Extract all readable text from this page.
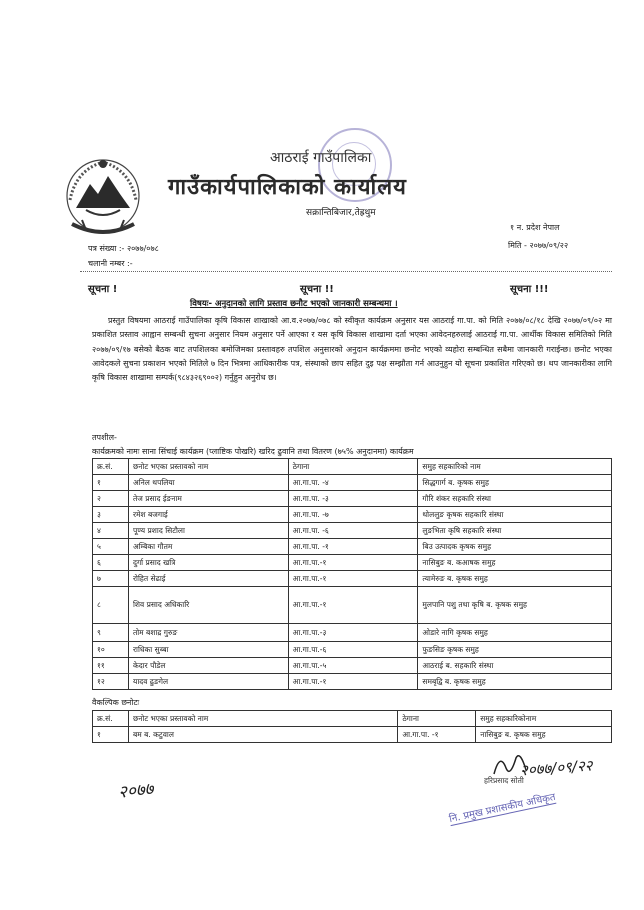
आठराई गाउँपालिका
गाउँकार्यपालिकाको कार्यालय
सक्रान्तिबिजार,तेह्रथुम
१ न. प्रदेश नेपाल
पत्र संख्या :- २०७७/०७८
चलानी नम्बर :-
मिति - २०७७/०९/२२
सूचना !	सूचना !!	सूचना !!!
विषयः- अनुदानको लागि प्रस्ताव छनौट भएको जानकारी सम्बन्धमा ।
प्रस्तुत विषयमा आठराई गाउँपालिका कृषि विकास शाखाको आ.व.२०७७/०७८ को स्वीकृत कार्यक्रम अनुसार यस आठराई गा.पा. को मिति २०७७/०८/१८ देखि २०७७/०९/०२ मा प्रकाशित प्रस्ताव आह्वान सम्बन्धी सुचना अनुसार नियम अनुसार पर्ने आएका र यस कृषि विकास शाखामा दर्ता भएका आवेदनहरुलाई आठराई गा.पा. आर्थीक विकास समितिको मिति २०७७/०९/१७ बसेको बैठक बाट तपशिलका बमोजिमका प्रस्तावहरु तपशिल अनुसारको अनुदान कार्यक्रममा छनोट भएको व्यहोरा सम्बन्धित सबैमा जानकारी गराईन्छ। छनोट भएका आवेदकले सुचना प्रकाशन भएको मितिले ७ दिन भित्रमा आधिकारीक पत्र, संस्थाको छाप सहित दुइ पक्ष सम्झौता गर्न आउनुहुन यो सूचना प्रकाशित गरिएको छ। थप जानकारीका लागि कृषि विकास शाखामा सम्पर्क(९८४३२६९००२) गर्नुहुन अनुरोध छ।
तपशील-
कार्यक्रमको नामः साना सिंचाई कार्यक्रम (प्लाष्टिक पोखरि) खरिद ढुवानि तथा वितरण (७५% अनुदानमा) कार्यक्रम
क्र.सं.	छनोट भएका प्रस्तावको नाम	ठेगाना	समुह सहकारिको नाम
१	अनिल थपलिया	आ.गा.पा. -४	सिद्धगार्ग ब. कृषक समुह
२	तेज प्रसाद ईङनाम	आ.गा.पा. -३	गौरि शंकर सहकारि संस्था
३	रमेश बजगाई	आ.गा.पा. -७	थोललुङ कृषक सहकारि संस्था
४	पूण्य प्रशाद सिटौला	आ.गा.पा. -६	लुङभिता कृषि सहकारि संस्था
५	अम्बिका गौतम	आ.गा.पा. -१	बिउ उत्पादक कृषक समुह
६	दुर्गा प्रसाद खत्रि	आ.गा.पा.-१	नासिबुङ ब. कआषक समुह
७	रोहित सेढाई	आ.गा.पा.-१	त्यामेरुङ ब. कृषक समुह
८	शिव प्रसाद अधिकारि	आ.गा.पा.-१	मुलपानि पशु तथा कृषि ब. कृषक समुह
९	तोम बशाद्र गुरुङ	आ.गा.पा.-३	ओडारे नागि कृषक समुह
१०	राधिका सुब्बा	आ.गा.पा.-६	फुङसिङ कृषक समुह
११	केदार पौडेल	आ.गा.पा.-५	आठराई ब. सहकारि संस्था
१२	यादव ढुङगेल	आ.गा.पा.-१	समबृद्वि ब. कृषक समुह
वैकल्पिक छनोटः
क्र.सं.	छनोट भएका प्रस्तावको नाम	ठेगाना	समुह सहकारिकोनाम
१	बम ब. कटुवाल	आ.गा.पा. -१	नासिबुङ ब. कृषक समुह
२०७७/०९/२२
हरिप्रसाद सोती
२०७७
नि. प्रमुख प्रशासकीय अधिकृत
